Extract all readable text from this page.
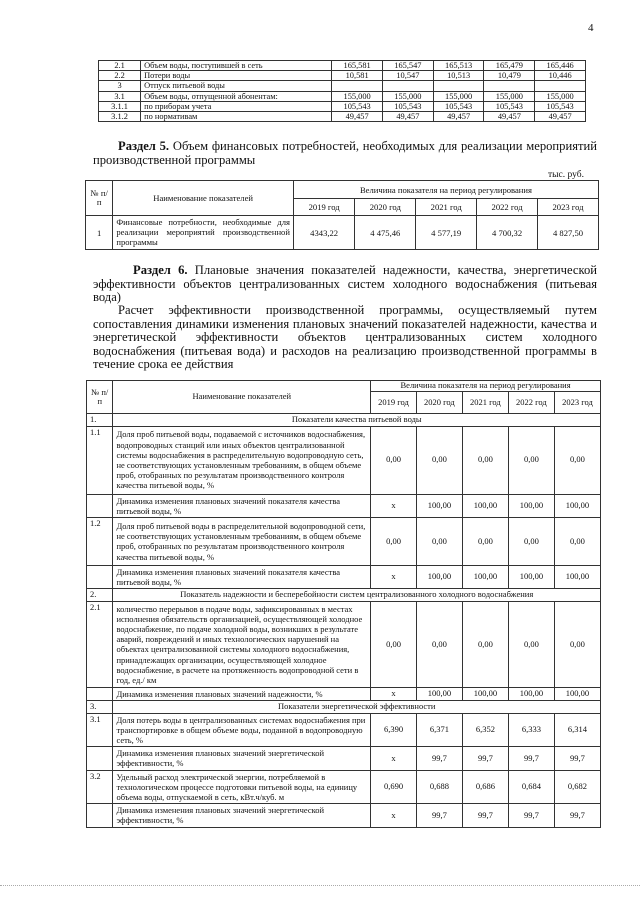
4
2.1	Объем воды, поступившей в сеть	165,581	165,547	165,513	165,479	165,446
2.2	Потери воды	10,581	10,547	10,513	10,479	10,446
3	Отпуск питьевой воды					
3.1	Объем воды, отпущенной абонентам:	155,000	155,000	155,000	155,000	155,000
3.1.1	по приборам учета	105,543	105,543	105,543	105,543	105,543
3.1.2	по нормативам	49,457	49,457	49,457	49,457	49,457
Раздел 5. Объем финансовых потребностей, необходимых для реализации мероприятий производственной программы
тыс. руб.
№ п/ п	Наименование показателей	Величина показателя на период регулирования				
		2019 год	2020 год	2021 год	2022 год	2023 год
1	Финансовые потребности, необходимые для реализации мероприятий производственной программы	4343,22	4 475,46	4 577,19	4 700,32	4 827,50
Раздел 6. Плановые значения показателей надежности, качества, энергетической эффективности объектов централизованных систем холодного водоснабжения (питьевая вода)
Расчет эффективности производственной программы, осуществляемый путем сопоставления динамики изменения плановых значений показателей надежности, качества и энергетической эффективности объектов централизованных систем холодного водоснабжения (питьевая вода) и расходов на реализацию производственной программы в течение срока ее действия
№ п/п	Наименование показателей	Величина показателя на период регулирования				
		2019 год	2020 год	2021 год	2022 год	2023 год
1.	Показатели качества питьевой воды					
1.1	Доля проб питьевой воды, подаваемой с источников водоснабжения, водопроводных станций или иных объектов централизованной системы водоснабжения в распределительную водопроводную сеть, не соответствующих установленным требованиям, в общем объеме проб, отобранных по результатам производственного контроля качества питьевой воды, %	0,00	0,00	0,00	0,00	0,00
	Динамика изменения плановых значений показателя качества питьевой воды, %	х	100,00	100,00	100,00	100,00
1.2	Доля проб питьевой воды в распределительной водопроводной сети, не соответствующих установленным требованиям, в общем объеме проб, отобранных по результатам производственного контроля качества питьевой воды, %	0,00	0,00	0,00	0,00	0,00
	Динамика изменения плановых значений показателя качества питьевой воды, %	х	100,00	100,00	100,00	100,00
2.	Показатель надежности и бесперебойности систем централизованного холодного водоснабжения					
2.1	количество перерывов в подаче воды, зафиксированных в местах исполнения обязательств организацией, осуществляющей холодное водоснабжение, по подаче холодной воды, возникших в результате аварий, повреждений и иных технологических нарушений на объектах централизованной системы холодного водоснабжения, принадлежащих организации, осуществляющей холодное водоснабжение, в расчете на протяженность водопроводной сети в год, ед./ км	0,00	0,00	0,00	0,00	0,00
	Динамика изменения плановых значений надежности, %	х	100,00	100,00	100,00	100,00
3.	Показатели энергетической эффективности					
3.1	Доля потерь воды в централизованных системах водоснабжения при транспортировке в общем объеме воды, поданной в водопроводную сеть, %	6,390	6,371	6,352	6,333	6,314
	Динамика изменения плановых значений энергетической эффективности, %	х	99,7	99,7	99,7	99,7
3.2	Удельный расход электрической энергии, потребляемой в технологическом процессе подготовки питьевой воды, на единицу объема воды, отпускаемой в сеть, кВт.ч/куб. м	0,690	0,688	0,686	0,684	0,682
	Динамика изменения плановых значений энергетической эффективности, %	х	99,7	99,7	99,7	99,7
